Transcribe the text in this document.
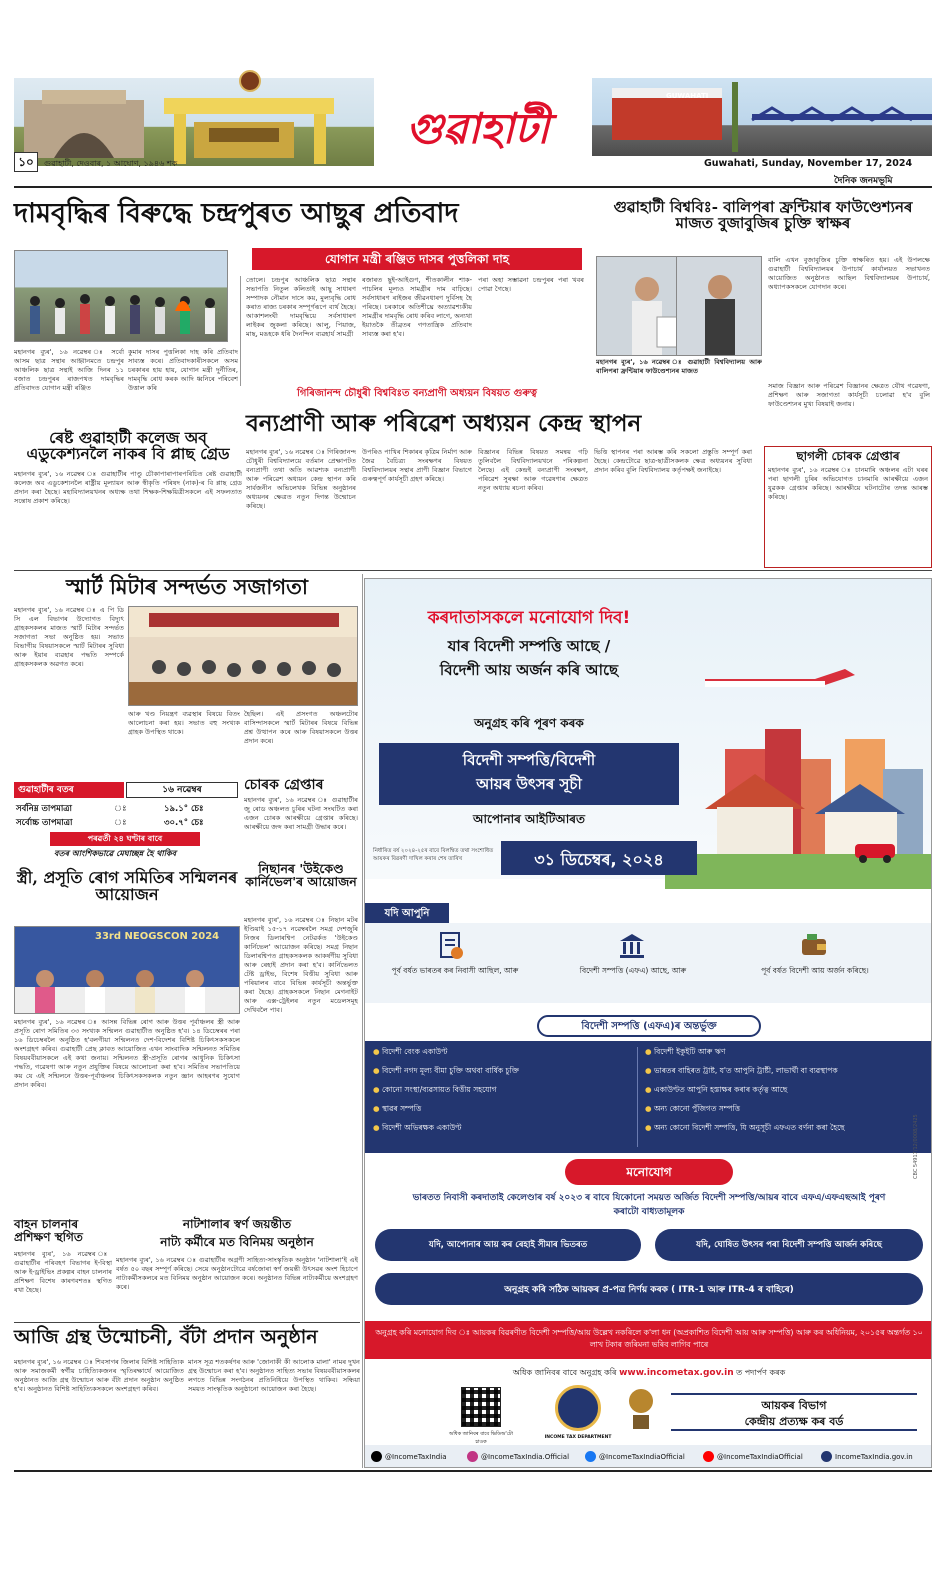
গুৱাহাটী
GUWAHATI
১০	গুৱাহাটী, দেওবাৰ, ১ আঘোণ, ১৯৪৬ শক	Guwahati, Sunday, November 17, 2024
দৈনিক জনমভূমি
দামবৃদ্ধিৰ বিৰুদ্ধে চন্দ্ৰপুৰত আছুৰ প্ৰতিবাদ
যোগান মন্ত্ৰী ৰঞ্জিত দাসৰ পুত্তলিকা দাহ
মহানগৰ ব্যুৰ', ১৬ নৱেম্বৰ ঃ সৰ্বো আসম ছাত্ৰ সন্থাৰ আহ্বানমতে চন্দ্ৰপুৰ আঞ্চলিক ছাত্ৰ সন্থাই আজি দিনৰ ১১ বজাত চন্দ্ৰপুৰৰ ৰাজপথত দামবৃদ্ধিৰ প্ৰতিবাদত যোগান মন্ত্ৰী ৰঞ্জিত
কুমাৰ দাসৰ পুত্তলিকা দাহ কৰি প্ৰতিবাদ সাব্যস্ত কৰে। প্ৰতিবাদকাৰীসকলে অসম চৰকাৰৰ হায় হায়, যোগান মন্ত্ৰী দুৰ্নীতিৰ, দামবৃদ্ধি ৰোধ কৰক আদি ধ্বনিৰে পৰিবেশ উত্তাল কৰি
তোলে। চন্দ্ৰপুৰ আঞ্চলিক ছাত্ৰ সন্থাৰ সভাপতি নিতুল কলিতাই আছু সাধাৰণ সম্পাদক নৌমান দাসে কয়, মুল্যবৃদ্ধি ৰোধ কৰাত ৰাজ্য চৰকাৰ সম্পূৰ্ণৰূপে ব্যৰ্থ হৈছে। আকাশলংঘী দামবৃদ্ধিয়ে সৰ্বসাধাৰণ লাইকৰ জুকলা কৰিছে। আলু, পিয়াজ, মাছ, মঙহকে ধৰি দৈনন্দিন ব্যৱহাৰ্য সামগ্ৰী
ৰজাৰত ছুই-আইগুণ, শীতকালীন শাক-পাচলিৰ মূল্যও সামগ্ৰীৰ দাম বাঢ়িছে। সৰ্বসাধাৰণ ৰাইজৰ জীৱনধাৰণ দুৰ্বিসহ হৈ পৰিছে। চৰকাৰে অতিশীঘ্ৰে অত্যাৱশ্যকীয় সামগ্ৰীৰ দামবৃদ্ধি ৰোধ কৰিব লাগে, অন্যথা ইয়াতকৈ তীব্ৰতৰ গণতান্ত্ৰিক প্ৰতিবাদ সাব্যস্ত কৰা হ'ব।
পৰা অহা সম্ভাৱনা চন্দ্ৰপুৰৰ পৰা খবৰ পোৱা গৈছে।
গিৰিজানন্দ চৌধুৰী বিশ্ববিঃত বন্যপ্ৰাণী অধ্যয়ন বিষয়ত গুৰুত্ব
বন্যপ্ৰাণী আৰু পৰিৱেশ অধ্যয়ন কেন্দ্ৰ স্থাপন
মহানগৰ ব্যুৰ', ১৬ নৱেম্বৰ ঃ গিৰিজানন্দ চৌধুৰী বিশ্ববিদ্যালয়ে বৰ্তমান প্ৰেক্ষাপটত বন্যপ্ৰাণী তথা অতি আৱশ্যক বন্যপ্ৰাণী আৰু পৰিৱেশ অধ্যয়ন কেন্দ্ৰ স্থাপন কৰি সাৰ্বজনীন অভিলেখক বিভিন্ন অনুষ্ঠানৰ অধ্যয়নৰ ক্ষেত্ৰত নতুন দিগন্ত উন্মোচন কৰিছে।
উপৰিও পাখিৰ শিকাৰৰ কৃত্ৰিম নিৰ্মাণ আৰু জৈৱ বৈচিত্ৰ্য সংৰক্ষণৰ বিষয়ত বিশ্ববিদ্যালয়ৰ সন্থাৰ প্ৰাণী বিজ্ঞান বিভাগে গুৰুত্বপূৰ্ণ কাৰ্যসূচী গ্ৰহণ কৰিছে।
বিজ্ঞানৰ বিভিন্ন বিষয়ত সমন্বয় গঢ়ি তুলিবলৈ বিশ্ববিদ্যালয়খনে পৰিকল্পনা লৈছে। এই কেন্দ্ৰই বন্যপ্ৰাণী সংৰক্ষণ, পৰিৱেশ সুৰক্ষা আৰু গৱেষণাৰ ক্ষেত্ৰত নতুন অধ্যায় ৰচনা কৰিব।
ভিত্তি স্থাপনৰ পৰা আৰম্ভ কৰি সকলো প্ৰস্তুতি সম্পূৰ্ণ কৰা হৈছে। কেন্দ্ৰটোৱে ছাত্ৰ-ছাত্ৰীসকলক ক্ষেত্ৰ অধ্যয়নৰ সুবিধা প্ৰদান কৰিব বুলি বিশ্ববিদ্যালয় কৰ্তৃপক্ষই জনাইছে।
ৰেষ্ট গুৱাহাটী কলেজ অব্ এডুকেশ্যনলৈ নাকৰ বি প্লাছ গ্ৰেড
মহানগৰ ব্যুৰ', ১৬ নৱেম্বৰ ঃ গুৱাহাটীৰ পাণ্ডু চৌকাপাৰাপাৰপৰিচিত ৰেষ্ট গুৱাহাটী কলেজ অব এডুকেশ্যনলৈ ৰাষ্ট্ৰীয় মূল্যায়ন আৰু স্বীকৃতি পৰিষদ (নাক)-ৰ বি প্লাছ গ্ৰেড প্ৰদান কৰা হৈছে। মহাবিদ্যালয়খনৰ অধ্যক্ষ তথা শিক্ষক-শিক্ষয়িত্ৰীসকলে এই সফলতাত সন্তোষ প্ৰকাশ কৰিছে।
গুৱাহাটী বিশ্ববিঃ- বালিপৰা ফ্ৰন্টিয়াৰ ফাউণ্ডেশ্যনৰ মাজত বুজাবুজিৰ চুক্তি স্বাক্ষৰ
মহানগৰ ব্যুৰ', ১৬ নৱেম্বৰ ঃ গুৱাহাটী বিশ্ববিদ্যালয় আৰু বালিপৰা ফ্ৰন্টিয়াৰ ফাউণ্ডেশ্যনৰ মাজত
বালি এখন বুজাবুজিৰ চুক্তি স্বাক্ষৰিত হয়। এই উপলক্ষে গুৱাহাটী বিশ্ববিদ্যালয়ৰ উপাচাৰ্য কাৰ্যালয়ত সভাখনত আয়োজিত অনুষ্ঠানত আছিল বিশ্ববিদ্যালয়ৰ উপাচাৰ্য, অধ্যাপকসকলে যোগদান কৰে।
সমাজ বিজ্ঞান আৰু পৰিৱেশ বিজ্ঞানৰ ক্ষেত্ৰত যৌথ গৱেষণা, প্ৰশিক্ষণ আৰু সজাগতা কাৰ্যসূচী চলোৱা হ'ব বুলি ফাউণ্ডেশ্যনৰ মুখ্য বিষয়াই জনায়।
ছাগলী চোৰক গ্ৰেপ্তাৰ
মহানগৰ ব্যুৰ', ১৬ নৱেম্বৰ ঃ চানমাৰি অঞ্চলৰ এটা ঘৰৰ পৰা ছাগলী চুৰিৰ অভিযোগত চানমাৰি আৰক্ষীয়ে এজন যুৱকক গ্ৰেপ্তাৰ কৰিছে। আৰক্ষীয়ে ঘটনাটোৰ তদন্ত আৰম্ভ কৰিছে।
স্মাৰ্ট মিটাৰ সন্দৰ্ভত সজাগতা
মহানগৰ ব্যুৰ', ১৬ নৱেম্বৰ ঃ এ পি ডি সি এল বিভাগৰ উদ্যোগত বিদ্যুৎ গ্ৰাহকসকলৰ মাজত স্মাৰ্ট মিটাৰ সন্দৰ্ভত সজাগতা সভা অনুষ্ঠিত হয়। সভাত বিভাগীয় বিষয়াসকলে স্মাৰ্ট মিটাৰৰ সুবিধা আৰু ইয়াৰ ব্যৱহাৰ পদ্ধতি সম্পৰ্কে গ্ৰাহকসকলক অৱগত কৰে।
আৰু খণ্ড নিয়ন্ত্ৰণ ব্যৱস্থাৰ বিষয়ে বিতং আলোচনা কৰা হয়। সভাত বহু সংখ্যক গ্ৰাহক উপস্থিত থাকে।
হৈছিল। এই প্ৰসংগত অঞ্চলটোৰ বাসিন্দাসকলে স্মাৰ্ট মিটাৰৰ বিষয়ে বিভিন্ন প্ৰশ্ন উত্থাপন কৰে আৰু বিষয়াসকলে উত্তৰ প্ৰদান কৰে।
গুৱাহাটীৰ বতৰ	১৬ নৱেম্বৰ
সৰ্বনিম্ন তাপমাত্ৰা	ঃ	১৯.১° চেঃ
সৰ্বোচ্চ তাপমাত্ৰা	ঃ	৩০.৭° চেঃ
পৰৱৰ্তী ২৪ ঘণ্টাৰ বাবে
বতৰ আংশিকভাৱে মেঘাচ্ছন্ন হৈ থাকিব
চোৰক গ্ৰেপ্তাৰ
মহানগৰ ব্যুৰ', ১৬ নৱেম্বৰ ঃ গুৱাহাটীৰ জু ৰোড অঞ্চলত চুৰিৰ ঘটনা সংঘটিত কৰা এজন চোৰক আৰক্ষীয়ে গ্ৰেপ্তাৰ কৰিছে। আৰক্ষীয়ে জব্দ কৰা সামগ্ৰী উদ্ধাৰ কৰে।
নিছানৰ 'উইকেণ্ড কাৰ্নিভেল'ৰ আয়োজন
মহানগৰ ব্যুৰ', ১৬ নৱেম্বৰ ঃ নিছান মটৰ ইণ্ডিয়াই ১৫-১৭ নৱেম্বৰলৈ সমগ্ৰ দেশজুৰি নিজৰ ডিলাৰশ্বিপ নেটৱৰ্কত 'উইকেণ্ড কাৰ্নিভেল' আয়োজন কৰিছে। সমগ্ৰ নিছান ডিলাৰশ্বিপত গ্ৰাহকসকলক আকৰ্ষণীয় সুবিধা আৰু ৰেহাই প্ৰদান কৰা হ'ব। কাৰ্নিভেলত টেষ্ট ড্ৰাইভ, বিশেষ বিত্তীয় সুবিধা আৰু পৰিয়ালৰ বাবে বিভিন্ন কাৰ্যসূচী অন্তৰ্ভুক্ত কৰা হৈছে। গ্ৰাহকসকলে নিছান মেগনাইট আৰু এক্স-ট্ৰেইলৰ নতুন মডেলসমূহ দেখিবলৈ পাব।
স্ত্ৰী, প্ৰসূতি ৰোগ সমিতিৰ সন্মিলনৰ আয়োজন
33rd NEOGSCON 2024
মহানগৰ ব্যুৰ', ১৬ নৱেম্বৰ ঃ আসন্ন বিভিন্ন ৰোগ আৰু উত্তৰ পূৰ্বাঞ্চলৰ স্ত্ৰী আৰু প্ৰসূতি ৰোগ সমিতিৰ ৩৩ সংখ্যক সন্মিলন গুৱাহাটীত অনুষ্ঠিত হ'ব। ১৪ ডিচেম্বৰৰ পৰা ১৬ ডিচেম্বৰলৈ অনুষ্ঠিত হ'বলগীয়া সন্মিলনত দেশ-বিদেশৰ বিশিষ্ট চিকিৎসকসকলে অংশগ্ৰহণ কৰিব। গুৱাহাটী প্ৰেছ ক্লাবত আয়োজিত এখন সাংবাদিক সন্মিলনত সমিতিৰ বিষয়ববীয়াসকলে এই কথা জনায়। সন্মিলনত স্ত্ৰী-প্ৰসূতি ৰোগৰ আধুনিক চিকিৎসা পদ্ধতি, গৱেষণা আৰু নতুন প্ৰযুক্তিৰ বিষয়ে আলোচনা কৰা হ'ব। সমিতিৰ সভাপতিয়ে কয় যে এই সন্মিলনে উত্তৰ-পূৰ্বাঞ্চলৰ চিকিৎসকসকলক নতুন জ্ঞান আহৰণৰ সুযোগ প্ৰদান কৰিব।
বাহন চালনাৰ প্ৰশিক্ষণ স্থগিত
মহানগৰ ব্যুৰ', ১৬ নৱেম্বৰ ঃ গুৱাহাটীৰ পৰিবহণ বিভাগৰ ই-বিস্থা আৰু ই-ড্ৰাইভিং প্ৰকল্পৰ বাহন চালনাৰ প্ৰশিক্ষণ বিশেষ কাৰণবশতঃ স্থগিত ৰখা হৈছে।
নাটশালাৰ স্বৰ্ণ জয়ন্তীত
নাট্য কৰ্মীৰে মত বিনিময় অনুষ্ঠান
মহানগৰ ব্যুৰ', ১৬ নৱেম্বৰ ঃ গুৱাহাটীৰ অগ্ৰণী সাহিত্য-সাংস্কৃতিক অনুষ্ঠান 'নাটশালা'ই এই বৰ্ষত ৫০ বছৰ সম্পূৰ্ণ কৰিছে। সেয়ে অনুষ্ঠানটোৱে বৰ্ষজোৰা স্বৰ্ণ জয়ন্তী উৎসৱৰ অংশ হিচাপে নাট্যকৰ্মীসকলৰে মত বিনিময় অনুষ্ঠান আয়োজন কৰে। অনুষ্ঠানত বিভিন্ন নাট্যকৰ্মীয়ে অংশগ্ৰহণ কৰে।
আজি গ্ৰন্থ উন্মোচনী, বঁটা প্ৰদান অনুষ্ঠান
মহানগৰ ব্যুৰ', ১৬ নৱেম্বৰ ঃ শিবসাগৰ জিলাৰ বিশিষ্ট সাহিত্যিক আৰু সমাজকৰ্মী স্বৰ্গীয় চাহিত্যিকজনৰ স্মৃতিৰক্ষাৰ্থে আয়োজিত অনুষ্ঠানত আজি গ্ৰন্থ উন্মোচন আৰু বঁটা প্ৰদান অনুষ্ঠান অনুষ্ঠিত হ'ব। অনুষ্ঠানত বিশিষ্ট সাহিত্যিকসকলে অংশগ্ৰহণ কৰিব।
মানস সূত্ৰ শতকৰ্ষণৰ আৰু 'জোনাকী কী আলোক মালা' নামৰ দুখন গ্ৰন্থ উন্মোচন কৰা হ'ব। অনুষ্ঠানত সাহিত্য সভাৰ বিষয়ববীয়াসকলৰ লগতে বিভিন্ন সংগঠনৰ প্ৰতিনিধিয়ে উপস্থিত থাকিব। সন্ধিয়া সময়ত সাংস্কৃতিক অনুষ্ঠানো আয়োজন কৰা হৈছে।
কৰদাতাসকলে মনোযোগ দিব!
যাৰ বিদেশী সম্পত্তি আছে /
বিদেশী আয় অৰ্জন কৰি আছে
অনুগ্ৰহ কৰি পূৰণ কৰক
বিদেশী সম্পত্তি/বিদেশী
আয়ৰ উৎসৰ সূচী
আপোনাৰ আইটিআৰত
নিৰ্ধাৰিত বৰ্ষ ২০২৪-২৫ৰ বাবে বিলম্বিত তথা সংশোধিত আয়কৰ বিৱৰণী দাখিল কৰাৰ শেষ তাৰিখ	৩১ ডিচেম্বৰ, ২০২৪
যদি আপুনি
পূৰ্ব বৰ্ষত ভাৰতৰ কৰ নিবাসী আছিল, আৰু	বিদেশী সম্পত্তি (এফএ) আছে, আৰু	পূৰ্ব বৰ্ষত বিদেশী আয় অৰ্জন কৰিছে।
বিদেশী সম্পত্তি (এফএ)ৰ অন্তৰ্ভুক্ত
● বিদেশী বেংক একাউণ্ট
● বিদেশী নগদ মূল্য বীমা চুক্তি অথবা বাৰ্ষিক চুক্তি
● কোনো সংস্থা/ব্যৱসায়ত বিত্তীয় সহযোগ
● স্থাৱৰ সম্পত্তি
● বিদেশী অভিৰক্ষক একাউণ্ট
● বিদেশী ইকুইটি আৰু ঋণ
● ভাৰতৰ বাহিৰত ট্ৰাষ্ট, য'ত আপুনি ট্ৰাষ্টী, লাভাৰ্থী বা ব্যৱস্থাপক
● একাউণ্টত আপুনি হস্তাক্ষৰ কৰাৰ কৰ্তৃত্ব আছে
● অন্য কোনো পুঁজিগত সম্পত্তি
● অন্য কোনো বিদেশী সম্পত্তি, যি অনুসূচী এফএত বৰ্ণনা কৰা হৈছে
মনোযোগ
ভাৰতত নিবাসী কৰদাতাই কেলেণ্ডাৰ বৰ্ষ ২০২৩ ৰ বাবে যিকোনো সময়ত অৰ্জিত বিদেশী সম্পত্তি/আয়ৰ বাবে এফএ/এফএছআই পূৰণ কৰাটো বাধ্যতামূলক
যদি, আপোনাৰ আয় কৰ ৰেহাই সীমাৰ ভিতৰত	যদি, ঘোষিত উৎসৰ পৰা বিদেশী সম্পত্তি আৰ্জন কৰিছে
অনুগ্ৰহ কৰি সঠিক আয়কৰ প্ৰ-পত্ৰ নিৰ্ণয় কৰক ( ITR-1 আৰু ITR-4 ৰ বাহিৰে)
অনুগ্ৰহ কৰি মনোযোগ দিব ঃ আয়কৰ বিৱৰণীত বিদেশী সম্পত্তি/আয় উল্লেখ নকৰিলে ক'লা ধন (অপ্ৰকাশিত বিদেশী আয় আৰু সম্পত্তি) আৰু কৰ অধিনিয়ম, ২০১৫ৰ অন্তৰ্গত ১০ লাখ টকাৰ জৰিমনা ভৰিব লাগিব পাৰে
অধিক জানিবৰ বাবে অনুগ্ৰহ কৰি www.incometax.gov.in ত পদাৰ্পণ কৰক
অধিক জানিবৰ বাবে ভিডিঅ'টো চাওক
INCOME TAX DEPARTMENT
আয়কৰ বিভাগ
কেন্দ্ৰীয় প্ৰত্যক্ষ কৰ বৰ্ড
CBC 54917/12/0008/2425
@IncomeTaxIndia	@IncomeTaxIndia.Official	@IncomeTaxIndiaOfficial	@IncomeTaxIndiaOfficial	IncomeTaxIndia.gov.in
